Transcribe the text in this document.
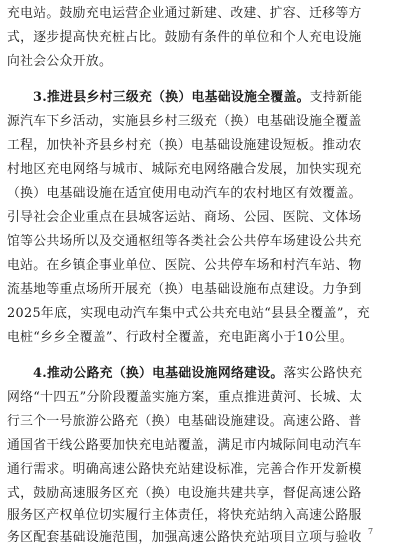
充电站。鼓励充电运营企业通过新建、改建、扩容、迁移等方
式，逐步提高快充桩占比。鼓励有条件的单位和个人充电设施
向社会公众开放。
3.推进县乡村三级充（换）电基础设施全覆盖。支持新能
源汽车下乡活动，实施县乡村三级充（换）电基础设施全覆盖
工程，加快补齐县乡村充（换）电基础设施建设短板。推动农
村地区充电网络与城市、城际充电网络融合发展，加快实现充
（换）电基础设施在适宜使用电动汽车的农村地区有效覆盖。
引导社会企业重点在县城客运站、商场、公园、医院、文体场
馆等公共场所以及交通枢纽等各类社会公共停车场建设公共充
电站。在乡镇企事业单位、医院、公共停车场和村汽车站、物
流基地等重点场所开展充（换）电基础设施布点建设。力争到
2025年底，实现电动汽车集中式公共充电站“县县全覆盖”，充
电桩“乡乡全覆盖”、行政村全覆盖，充电距离小于10公里。
4.推动公路充（换）电基础设施网络建设。落实公路快充
网络“十四五”分阶段覆盖实施方案，重点推进黄河、长城、太
行三个一号旅游公路充（换）电基础设施建设。高速公路、普
通国省干线公路要加快充电站覆盖，满足市内城际间电动汽车
通行需求。明确高速公路快充站建设标准，完善合作开发新模
式，鼓励高速服务区充（换）电设施共建共享，督促高速公路
服务区产权单位切实履行主体责任，将快充站纳入高速公路服
务区配套基础设施范围，加强高速公路快充站项目立项与验收 7
